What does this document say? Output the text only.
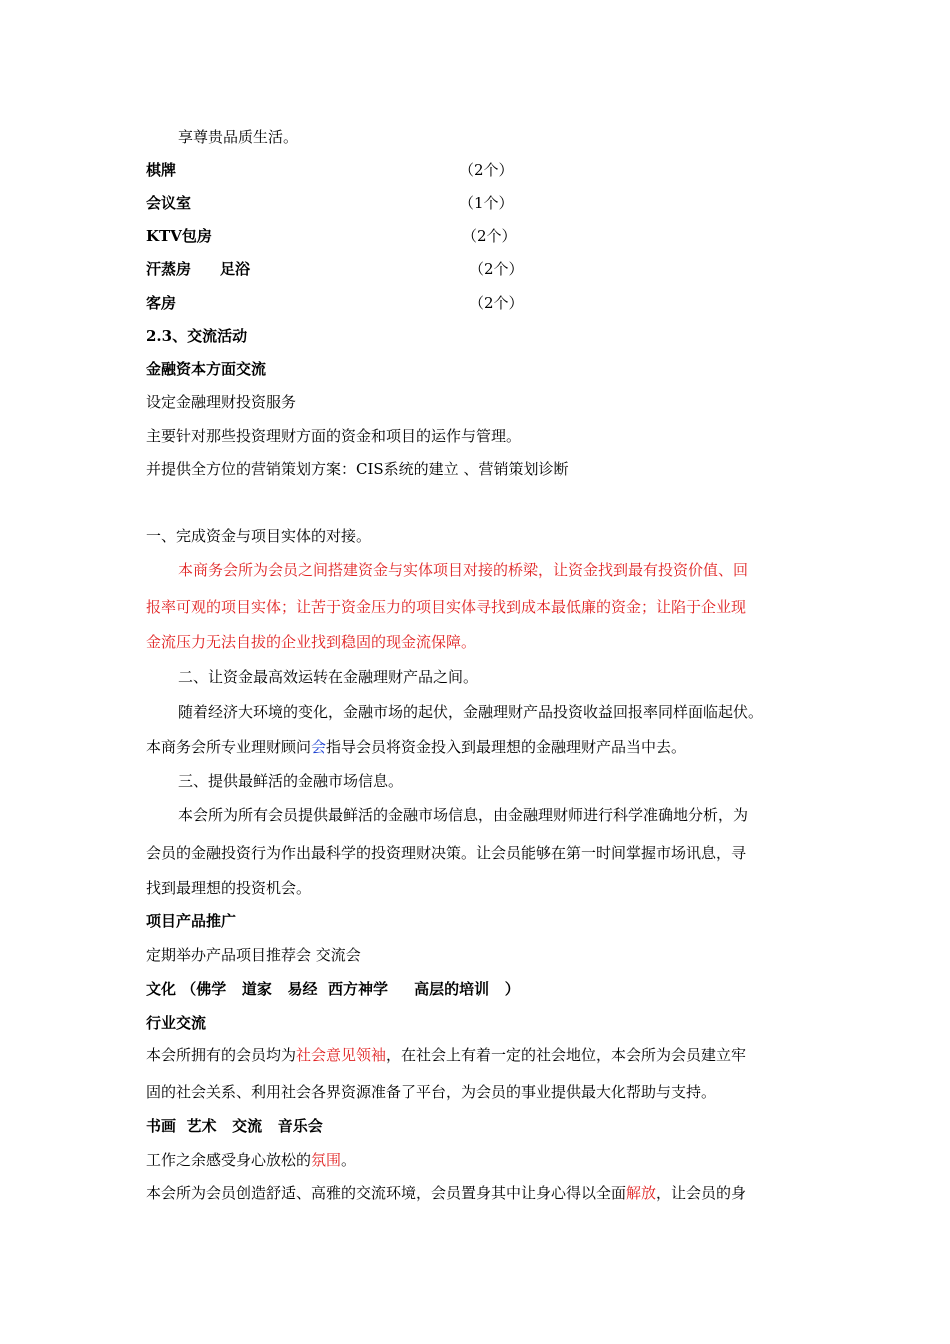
享尊贵品质生活。
棋牌	（2个）
会议室	（1个）
KTV包房	（2个）
汗蒸房 足浴	（2个）
客房	（2个）
2.3、交流活动
金融资本方面交流
设定金融理财投资服务
主要针对那些投资理财方面的资金和项目的运作与管理。
并提供全方位的营销策划方案：CIS系统的建立 、营销策划诊断
一、完成资金与项目实体的对接。
本商务会所为会员之间搭建资金与实体项目对接的桥梁，让资金找到最有投资价值、回
报率可观的项目实体；让苦于资金压力的项目实体寻找到成本最低廉的资金；让陷于企业现
金流压力无法自拔的企业找到稳固的现金流保障。
二、让资金最高效运转在金融理财产品之间。
随着经济大环境的变化，金融市场的起伏，金融理财产品投资收益回报率同样面临起伏。
本商务会所专业理财顾问会指导会员将资金投入到最理想的金融理财产品当中去。
三、提供最鲜活的金融市场信息。
本会所为所有会员提供最鲜活的金融市场信息，由金融理财师进行科学准确地分析，为
会员的金融投资行为作出最科学的投资理财决策。让会员能够在第一时间掌握市场讯息，寻
找到最理想的投资机会。
项目产品推广
定期举办产品项目推荐会 交流会
文化 （佛学   道家   易经  西方神学     高层的培训   ）
行业交流
本会所拥有的会员均为社会意见领袖，在社会上有着一定的社会地位，本会所为会员建立牢
固的社会关系、利用社会各界资源准备了平台，为会员的事业提供最大化帮助与支持。
书画  艺术   交流   音乐会
工作之余感受身心放松的氛围。
本会所为会员创造舒适、高雅的交流环境，会员置身其中让身心得以全面解放，让会员的身
